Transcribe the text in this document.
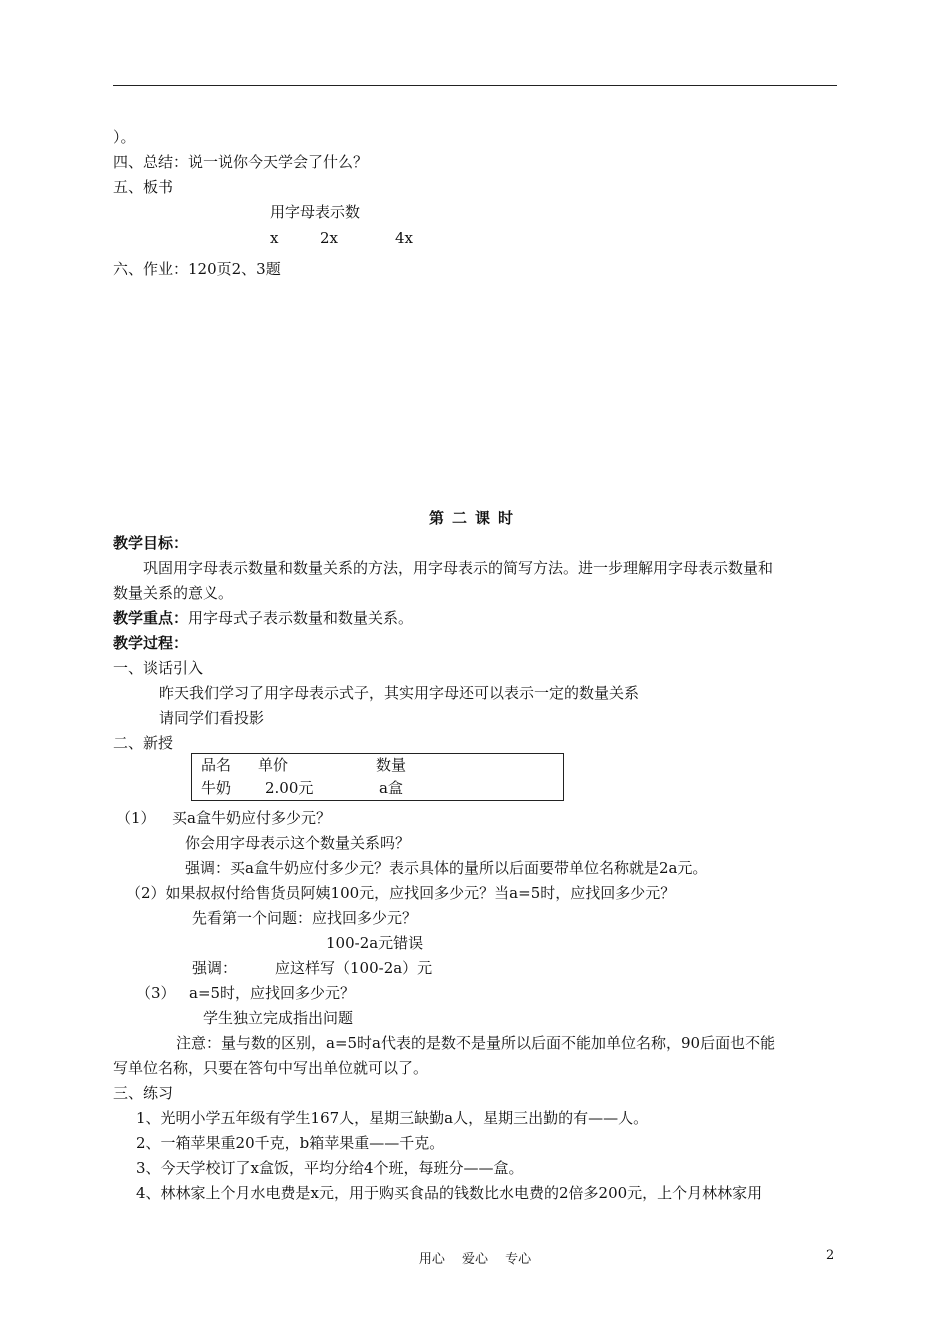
）。
四、总结：说一说你今天学会了什么？
五、板书
用字母表示数
x	2x	4x
六、作业：120页2、3题
第二课时
教学目标：
巩固用字母表示数量和数量关系的方法，用字母表示的简写方法。进一步理解用字母表示数量和
数量关系的意义。
教学重点：用字母式子表示数量和数量关系。
教学过程：
一、谈话引入
昨天我们学习了用字母表示式子，其实用字母还可以表示一定的数量关系
请同学们看投影
二、新授
品名	单价	数量
牛奶	2.00元	a盒
（1） 买a盒牛奶应付多少元？
你会用字母表示这个数量关系吗？
强调：买a盒牛奶应付多少元？表示具体的量所以后面要带单位名称就是2a元。
（2）如果叔叔付给售货员阿姨100元，应找回多少元？当a=5时，应找回多少元？
先看第一个问题：应找回多少元？
100-2a元错误
强调：	应这样写（100-2a）元
（3） a=5时，应找回多少元？
学生独立完成指出问题
注意：量与数的区别，a=5时a代表的是数不是量所以后面不能加单位名称，90后面也不能
写单位名称，只要在答句中写出单位就可以了。
三、练习
1、光明小学五年级有学生167人，星期三缺勤a人，星期三出勤的有——人。
2、一箱苹果重20千克，b箱苹果重——千克。
3、今天学校订了x盒饭，平均分给4个班，每班分——盒。
4、林林家上个月水电费是x元，用于购买食品的钱数比水电费的2倍多200元，上个月林林家用
用心　 爱心　 专心	2
